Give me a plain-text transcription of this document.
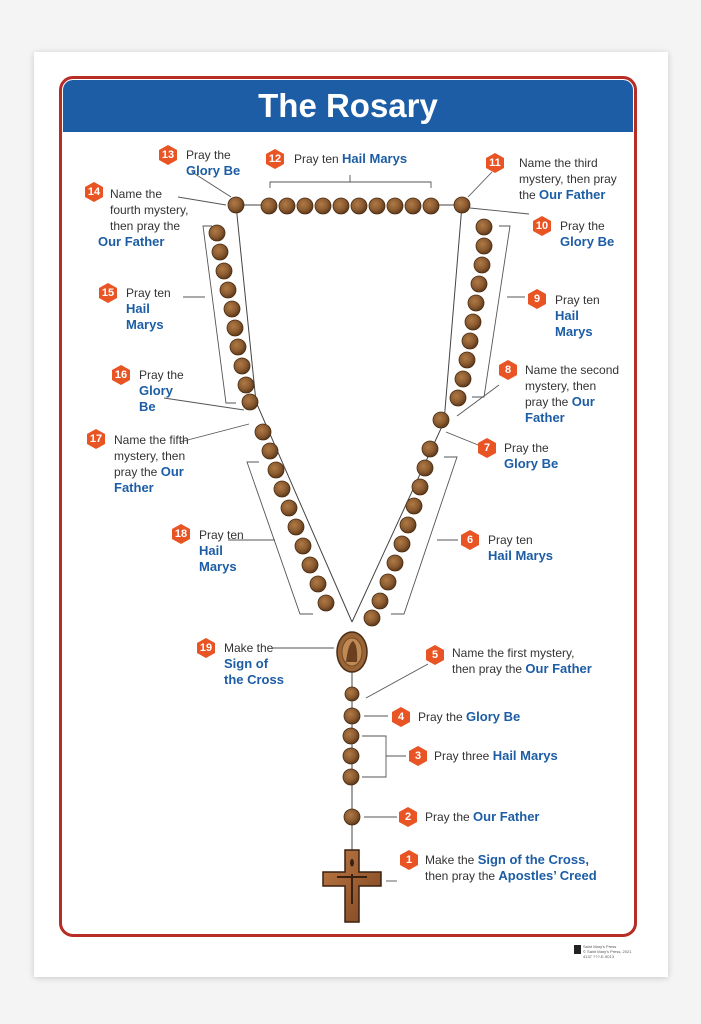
The Rosary
1
2
3
4
5
6
7
8
9
10
11
12
13
14
15
16
17
18
19
Make the Sign of the Cross,
then pray the Apostles’ Creed
Pray the Our Father
Pray three Hail Marys
Pray the Glory Be
Name the first mystery,
then pray the Our Father
Pray ten
Hail Marys
Pray the
Glory Be
Name the second
mystery, then
pray the Our
Father
Pray ten
Hail
Marys
Pray the
Glory Be
Name the third
mystery, then pray
the Our Father
Pray ten Hail Marys
Pray the
Glory Be
Name the
fourth mystery,
then pray the
Our Father
Pray ten
Hail
Marys
Pray the
Glory
Be
Name the fifth
mystery, then
pray the Our
Father
Pray ten
Hail
Marys
Make the
Sign of
the Cross
Saint Mary’s Press
© Saint Mary’s Press, 2021
4137 ???-E-9013
